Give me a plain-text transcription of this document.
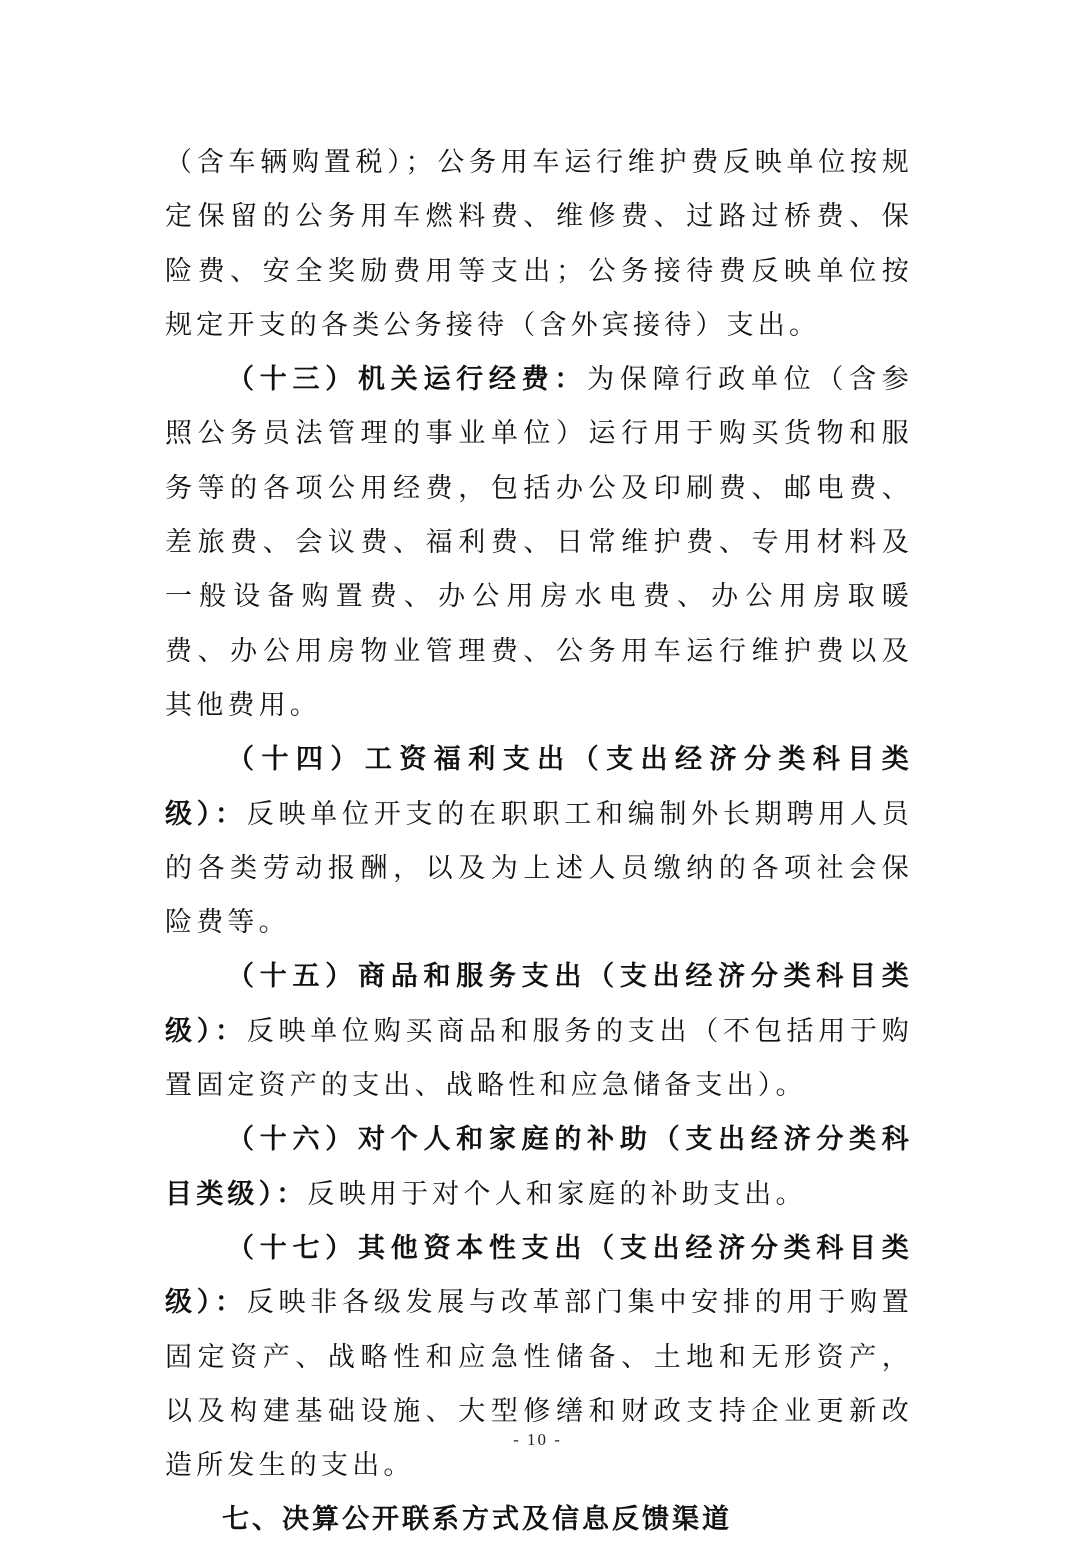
（含车辆购置税）；公务用车运行维护费反映单位按规定保留的公务用车燃料费、维修费、过路过桥费、保险费、安全奖励费用等支出；公务接待费反映单位按规定开支的各类公务接待（含外宾接待）支出。

（十三）机关运行经费：为保障行政单位（含参照公务员法管理的事业单位）运行用于购买货物和服务等的各项公用经费，包括办公及印刷费、邮电费、差旅费、会议费、福利费、日常维护费、专用材料及一般设备购置费、办公用房水电费、办公用房取暖费、办公用房物业管理费、公务用车运行维护费以及其他费用。

（十四）工资福利支出（支出经济分类科目类级）：反映单位开支的在职职工和编制外长期聘用人员的各类劳动报酬，以及为上述人员缴纳的各项社会保险费等。

（十五）商品和服务支出（支出经济分类科目类级）：反映单位购买商品和服务的支出（不包括用于购置固定资产的支出、战略性和应急储备支出）。

（十六）对个人和家庭的补助（支出经济分类科目类级）：反映用于对个人和家庭的补助支出。

（十七）其他资本性支出（支出经济分类科目类级）：反映非各级发展与改革部门集中安排的用于购置固定资产、战略性和应急性储备、土地和无形资产，以及构建基础设施、大型修缮和财政支持企业更新改造所发生的支出。

七、决算公开联系方式及信息反馈渠道
- 10 -
